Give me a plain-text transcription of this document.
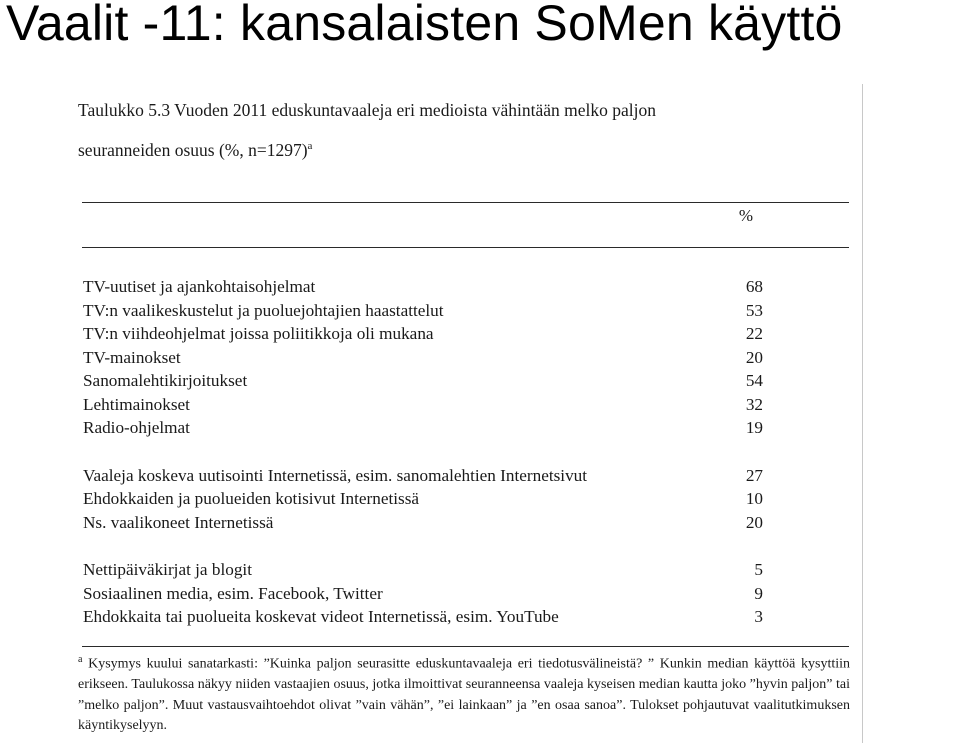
Vaalit -11: kansalaisten SoMen käyttö
Taulukko 5.3 Vuoden 2011 eduskuntavaaleja eri medioista vähintään melko paljon
seuranneiden osuus (%, n=1297)$^a$
%
TV-uutiset ja ajankohtaisohjelmat	68
TV:n vaalikeskustelut ja puoluejohtajien haastattelut	53
TV:n viihdeohjelmat joissa poliitikkoja oli mukana	22
TV-mainokset	20
Sanomalehtikirjoitukset	54
Lehtimainokset	32
Radio-ohjelmat	19
Vaaleja koskeva uutisointi Internetissä, esim. sanomalehtien Internetsivut	27
Ehdokkaiden ja puolueiden kotisivut Internetissä	10
Ns. vaalikoneet Internetissä	20
Nettipäiväkirjat ja blogit	5
Sosiaalinen media, esim. Facebook, Twitter	9
Ehdokkaita tai puolueita koskevat videot Internetissä, esim. YouTube	3
$^a$ Kysymys kuului sanatarkasti: ”Kuinka paljon seurasitte eduskuntavaaleja eri tiedotusvälineistä? ” Kunkin median käyttöä kysyttiin erikseen. Taulukossa näkyy niiden vastaajien osuus, jotka ilmoittivat seuranneensa vaaleja kyseisen median kautta joko ”hyvin paljon” tai ”melko paljon”. Muut vastausvaihtoehdot olivat ”vain vähän”, ”ei lainkaan” ja ”en osaa sanoa”. Tulokset pohjautuvat vaalitutkimuksen käyntikyselyyn.
